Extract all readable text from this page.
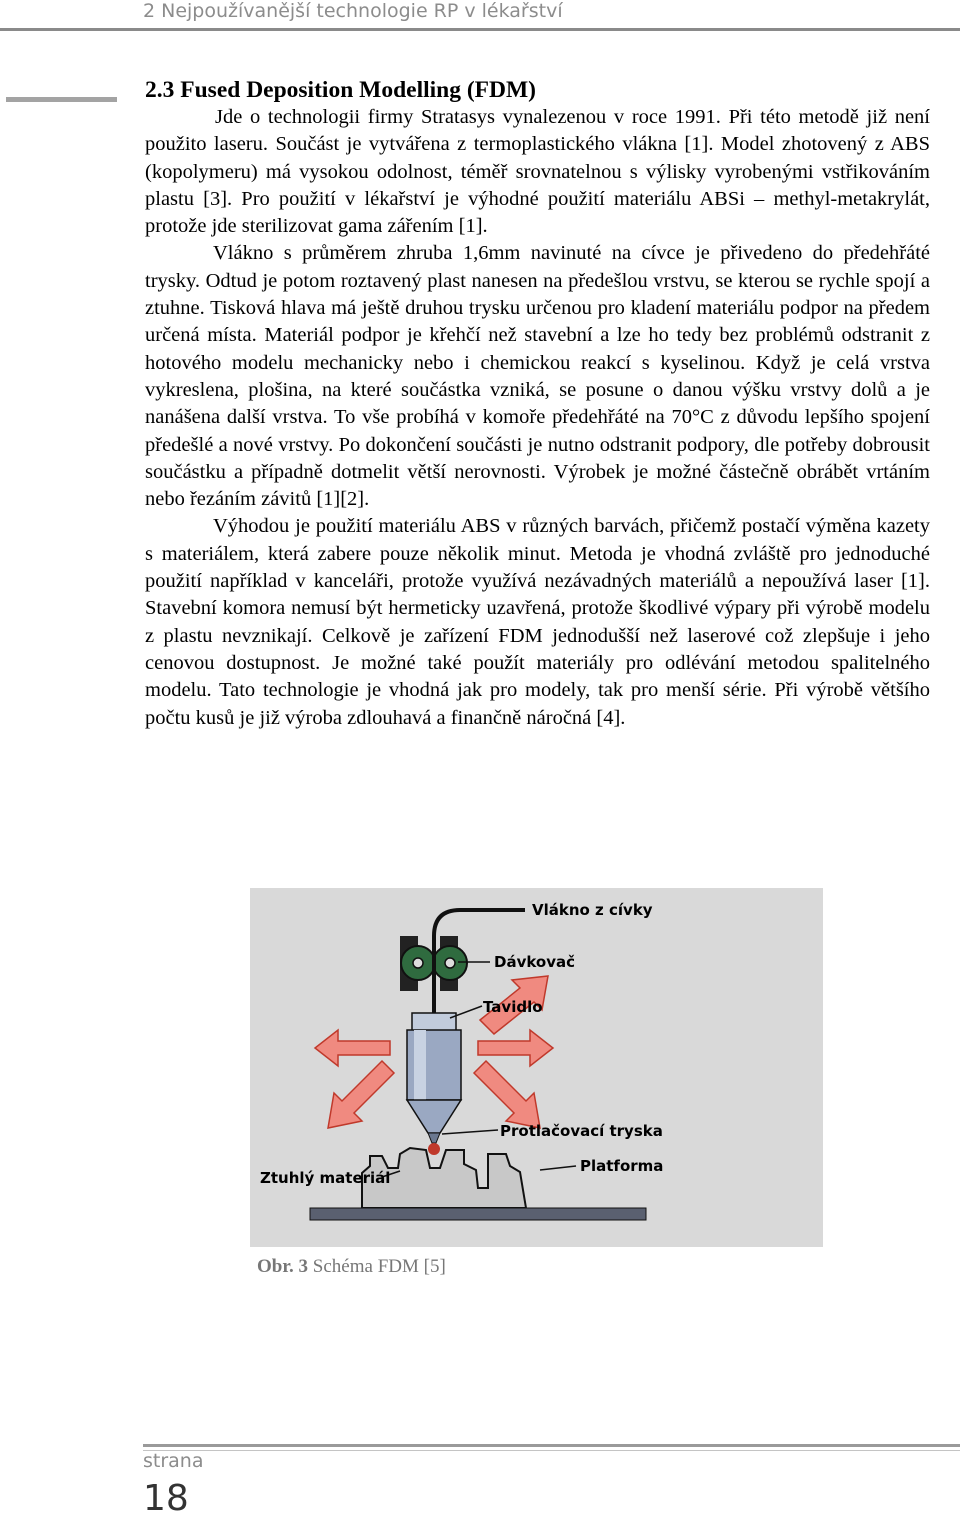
2 Nejpoužívanější technologie RP v lékařství
2.3 Fused Deposition Modelling (FDM)

Jde o technologii firmy Stratasys vynalezenou v roce 1991. Při této metodě již není použito laseru. Součást je vytvářena z termoplastického vlákna [1]. Model zhotovený z ABS (kopolymeru) má vysokou odolnost, téměř srovnatelnou s výlisky vyrobenými vstřikováním plastu [3]. Pro použití v lékařství je výhodné použití materiálu ABSi – methyl-metakrylát, protože jde sterilizovat gama zářením [1].

Vlákno s průměrem zhruba 1,6mm navinuté na cívce je přivedeno do předehřáté trysky. Odtud je potom roztavený plast nanesen na předešlou vrstvu, se kterou se rychle spojí a ztuhne. Tisková hlava má ještě druhou trysku určenou pro kladení materiálu podpor na předem určená místa. Materiál podpor je křehčí než stavební a lze ho tedy bez problémů odstranit z hotového modelu mechanicky nebo i chemickou reakcí s kyselinou. Když je celá vrstva vykreslena, plošina, na které součástka vzniká, se posune o danou výšku vrstvy dolů a je nanášena další vrstva. To vše probíhá v komoře předehřáté na 70°C z důvodu lepšího spojení předešlé a nové vrstvy. Po dokončení součásti je nutno odstranit podpory, dle potřeby dobrousit součástku a případně dotmelit větší nerovnosti. Výrobek je možné částečně obrábět vrtáním nebo řezáním závitů [1][2].

Výhodou je použití materiálu ABS v různých barvách, přičemž postačí výměna kazety s materiálem, která zabere pouze několik minut. Metoda je vhodná zvláště pro jednoduché použití například v kanceláři, protože využívá nezávadných materiálů a nepoužívá laser [1]. Stavební komora nemusí být hermeticky uzavřená, protože škodlivé výpary při výrobě modelu z plastu nevznikají. Celkově je zařízení FDM jednodušší než laserové což zlepšuje i jeho cenovou dostupnost. Je možné také použít materiály pro odlévání metodou spalitelného modelu. Tato technologie je vhodná jak pro modely, tak pro menší série. Při výrobě většího počtu kusů je již výroba zdlouhavá a finančně náročná [4].

Vlákno z cívky
Dávkovač
Tavidlo
Protlačovací tryska
Ztuhlý materiál
Platforma
Obr. 3 Schéma FDM [5]
strana
18
